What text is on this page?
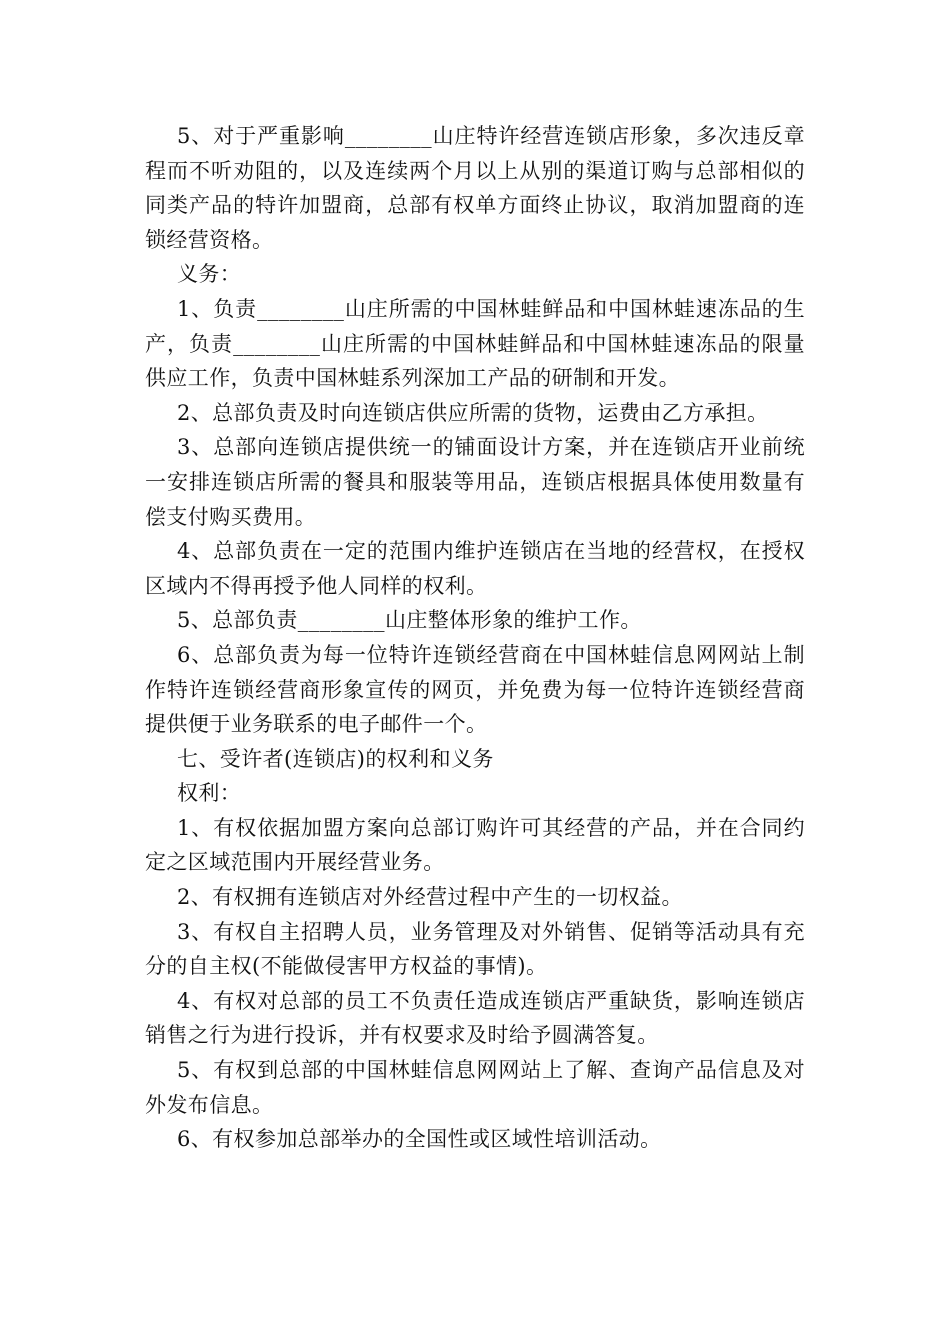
5、对于严重影响________山庄特许经营连锁店形象，多次违反章程而不听劝阻的，以及连续两个月以上从别的渠道订购与总部相似的同类产品的特许加盟商，总部有权单方面终止协议，取消加盟商的连锁经营资格。

义务：

1、负责________山庄所需的中国林蛙鲜品和中国林蛙速冻品的生产，负责________山庄所需的中国林蛙鲜品和中国林蛙速冻品的限量供应工作，负责中国林蛙系列深加工产品的研制和开发。

2、总部负责及时向连锁店供应所需的货物，运费由乙方承担。

3、总部向连锁店提供统一的铺面设计方案，并在连锁店开业前统一安排连锁店所需的餐具和服装等用品，连锁店根据具体使用数量有偿支付购买费用。

4、总部负责在一定的范围内维护连锁店在当地的经营权，在授权区域内不得再授予他人同样的权利。

5、总部负责________山庄整体形象的维护工作。

6、总部负责为每一位特许连锁经营商在中国林蛙信息网网站上制作特许连锁经营商形象宣传的网页，并免费为每一位特许连锁经营商提供便于业务联系的电子邮件一个。

七、受许者(连锁店)的权利和义务

权利：

1、有权依据加盟方案向总部订购许可其经营的产品，并在合同约定之区域范围内开展经营业务。

2、有权拥有连锁店对外经营过程中产生的一切权益。

3、有权自主招聘人员，业务管理及对外销售、促销等活动具有充分的自主权(不能做侵害甲方权益的事情)。

4、有权对总部的员工不负责任造成连锁店严重缺货，影响连锁店销售之行为进行投诉，并有权要求及时给予圆满答复。

5、有权到总部的中国林蛙信息网网站上了解、查询产品信息及对外发布信息。

6、有权参加总部举办的全国性或区域性培训活动。
